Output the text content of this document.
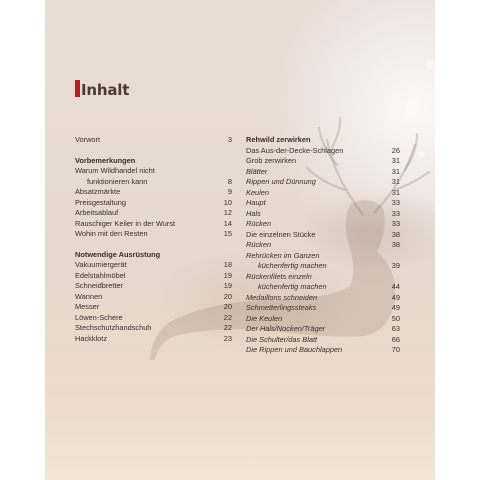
Inhalt
Vorwort	3
Vorbemerkungen
Warum Wildhandel nicht
funktionieren kann	8
Absatzmärkte	9
Preisgestaltung	10
Arbeitsablauf	12
Rauschiger Keiler in der Wurst	14
Wohin mit den Resten	15
Notwendige Ausrüstung
Vakuumiergerät	18
Edelstahlmöbel	19
Schneidbretter	19
Wannen	20
Messer	20
Löwen-Schere	22
Stechschutzhandschuh	22
Hackklotz	23
Rehwild zerwirken
Das Aus-der-Decke-Schlagen	26
Grob zerwirken	31
Blätter	31
Rippen und Dünnung	31
Keulen	31
Haupt	33
Hals	33
Rücken	33
Die einzelnen Stücke	38
Rücken	38
Rehrücken im Ganzen
küchenfertig machen	39
Rückenfilets einzeln
küchenfertig machen	44
Medaillons schneiden	49
Schmetterlingssteaks	49
Die Keulen	50
Der Hals/Nocken/Träger	63
Die Schulter/das Blatt	66
Die Rippen und Bauchlappen	70
